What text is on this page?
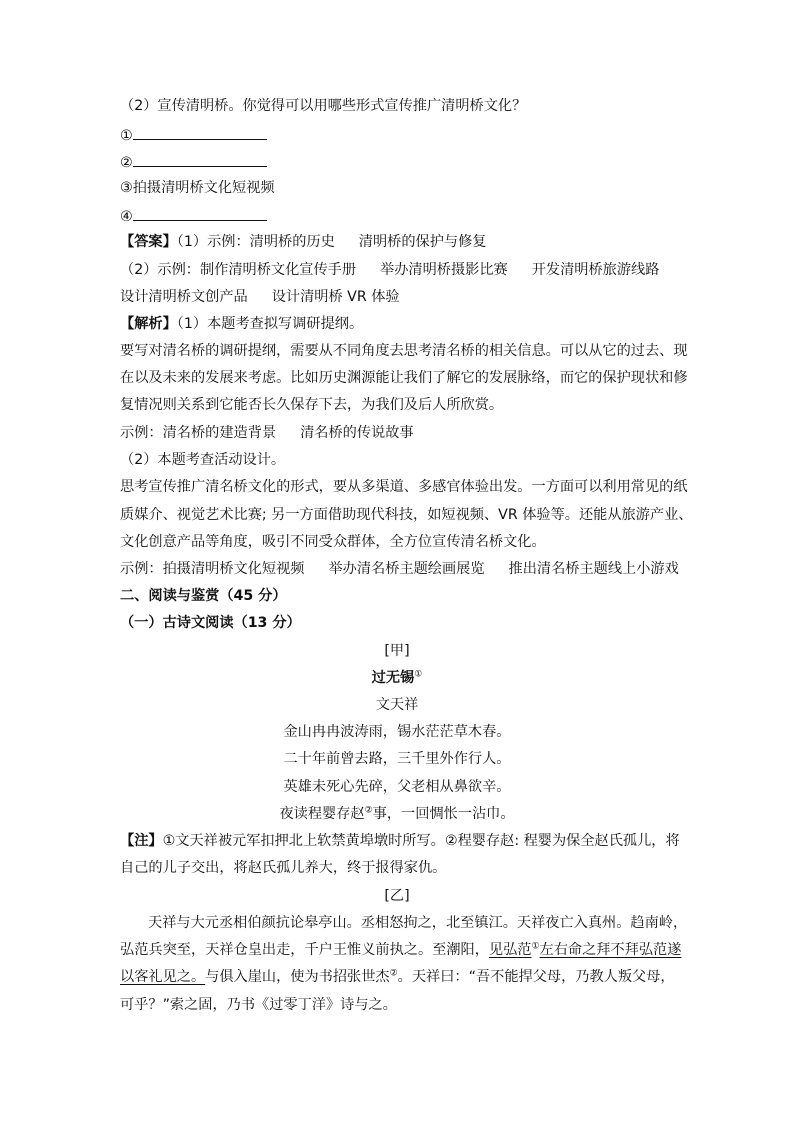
（2）宣传清明桥。你觉得可以用哪些形式宣传推广清明桥文化？
①
②
③拍摄清明桥文化短视频
④
【答案】（1）示例：清明桥的历史 清明桥的保护与修复
（2）示例：制作清明桥文化宣传手册 举办清明桥摄影比赛 开发清明桥旅游线路
设计清明桥文创产品 设计清明桥 VR 体验
【解析】（1）本题考查拟写调研提纲。
要写对清名桥的调研提纲，需要从不同角度去思考清名桥的相关信息。可以从它的过去、现
在以及未来的发展来考虑。比如历史渊源能让我们了解它的发展脉络，而它的保护现状和修
复情况则关系到它能否长久保存下去，为我们及后人所欣赏。
示例：清名桥的建造背景 清名桥的传说故事
（2）本题考查活动设计。
思考宣传推广清名桥文化的形式，要从多渠道、多感官体验出发。一方面可以利用常见的纸
质媒介、视觉艺术比赛; 另一方面借助现代科技，如短视频、VR 体验等。还能从旅游产业、
文化创意产品等角度，吸引不同受众群体，全方位宣传清名桥文化。
示例：拍摄清明桥文化短视频 举办清名桥主题绘画展览 推出清名桥主题线上小游戏
二、阅读与鉴赏（45 分）
（一）古诗文阅读（13 分）
[甲]
过无锡①
文天祥
金山冉冉波涛雨，锡水茫茫草木春。
二十年前曾去路，三千里外作行人。
英雄未死心先碎，父老相从鼻欲辛。
夜读程婴存赵②事，一回惆怅一沾巾。
【注】①文天祥被元军扣押北上软禁黄埠墩时所写。②程婴存赵: 程婴为保全赵氏孤儿，将
自己的儿子交出，将赵氏孤儿养大，终于报得家仇。
[乙]
天祥与大元丞相伯颜抗论皋亭山。丞相怒拘之，北至镇江。天祥夜亡入真州。趋南岭，
弘范兵突至，天祥仓皇出走，千户王惟义前执之。至潮阳，见弘范①左右命之拜不拜弘范遂
以客礼见之。与俱入崖山，使为书招张世杰②。天祥曰：“吾不能捍父母，乃教人叛父母，
可乎？”索之固，乃书《过零丁洋》诗与之。
